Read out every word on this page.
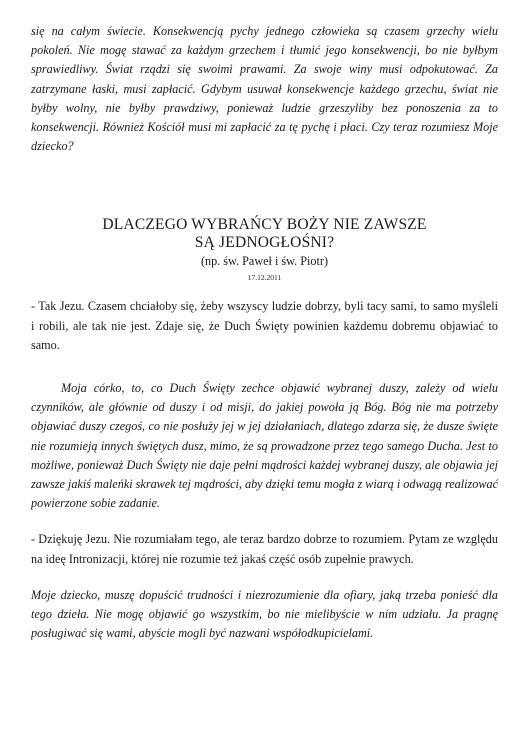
się na całym świecie. Konsekwencją pychy jednego człowieka są czasem grzechy wielu pokoleń. Nie mogę stawać za każdym grzechem i tłumić jego konsekwencji, bo nie byłbym sprawiedliwy. Świat rządzi się swoimi prawami. Za swoje winy musi odpokutować. Za zatrzymane łaski, musi zapłacić. Gdybym usuwał konsekwencje każdego grzechu, świat nie byłby wolny, nie byłby prawdziwy, ponieważ ludzie grzeszyliby bez ponoszenia za to konsekwencji. Również Kościół musi mi zapłacić za tę pychę i płaci. Czy teraz rozumiesz Moje dziecko?

DLACZEGO WYBRAŃCY BOŻY NIE ZAWSZE
SĄ JEDNOGŁOŚNI?
(np. św. Paweł i św. Piotr)
17.12.2011

- Tak Jezu. Czasem chciałoby się, żeby wszyscy ludzie dobrzy, byli tacy sami, to samo myśleli i robili, ale tak nie jest. Zdaje się, że Duch Święty powinien każdemu dobremu objawiać to samo.

Moja córko, to, co Duch Święty zechce objawić wybranej duszy, zależy od wielu czynników, ale głównie od duszy i od misji, do jakiej powoła ją Bóg. Bóg nie ma potrzeby objawiać duszy czegoś, co nie posłuży jej w jej działaniach, dlatego zdarza się, że dusze święte nie rozumieją innych świętych dusz, mimo, że są prowadzone przez tego samego Ducha. Jest to możliwe, ponieważ Duch Święty nie daje pełni mądrości każdej wybranej duszy, ale objawia jej zawsze jakiś maleńki skrawek tej mądrości, aby dzięki temu mogła z wiarą i odwagą realizować powierzone sobie zadanie.

- Dziękuję Jezu. Nie rozumiałam tego, ale teraz bardzo dobrze to rozumiem. Pytam ze względu na ideę Intronizacji, której nie rozumie też jakaś część osób zupełnie prawych.

Moje dziecko, muszę dopuścić trudności i niezrozumienie dla ofiary, jaką trzeba ponieść dla tego dzieła. Nie mogę objawić go wszystkim, bo nie mielibyście w nim udziału. Ja pragnę posługiwać się wami, abyście mogli być nazwani współodkupicielami.
